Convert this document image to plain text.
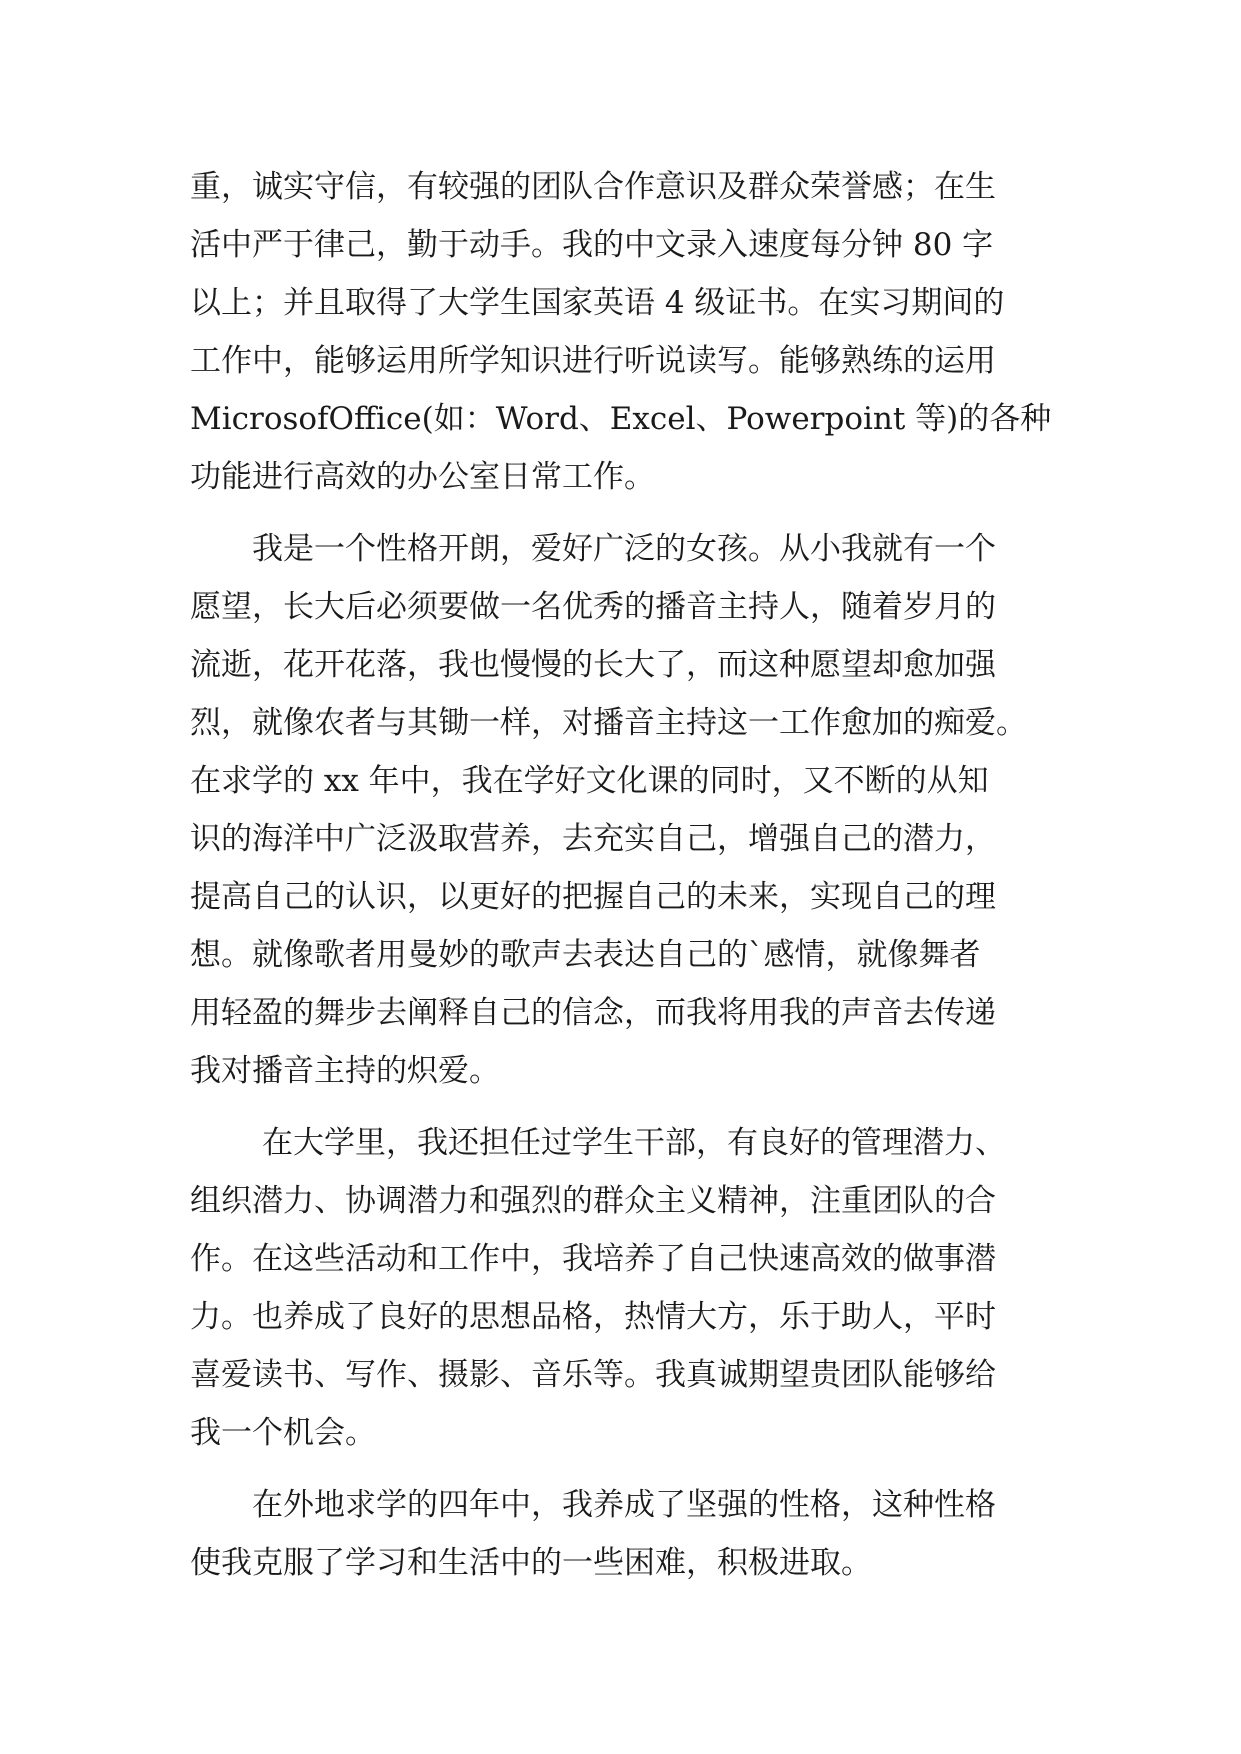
重，诚实守信，有较强的团队合作意识及群众荣誉感；在生
活中严于律己，勤于动手。我的中文录入速度每分钟 80 字
以上；并且取得了大学生国家英语 4 级证书。在实习期间的
工作中，能够运用所学知识进行听说读写。能够熟练的运用
MicrosofOffice(如：Word、Excel、Powerpoint 等)的各种
功能进行高效的办公室日常工作。
我是一个性格开朗，爱好广泛的女孩。从小我就有一个
愿望，长大后必须要做一名优秀的播音主持人，随着岁月的
流逝，花开花落，我也慢慢的长大了，而这种愿望却愈加强
烈，就像农者与其锄一样，对播音主持这一工作愈加的痴爱。
在求学的 xx 年中，我在学好文化课的同时，又不断的从知
识的海洋中广泛汲取营养，去充实自己，增强自己的潜力，
提高自己的认识，以更好的把握自己的未来，实现自己的理
想。就像歌者用曼妙的歌声去表达自己的`感情，就像舞者
用轻盈的舞步去阐释自己的信念，而我将用我的声音去传递
我对播音主持的炽爱。
在大学里，我还担任过学生干部，有良好的管理潜力、
组织潜力、协调潜力和强烈的群众主义精神，注重团队的合
作。在这些活动和工作中，我培养了自己快速高效的做事潜
力。也养成了良好的思想品格，热情大方，乐于助人，平时
喜爱读书、写作、摄影、音乐等。我真诚期望贵团队能够给
我一个机会。
在外地求学的四年中，我养成了坚强的性格，这种性格
使我克服了学习和生活中的一些困难，积极进取。
